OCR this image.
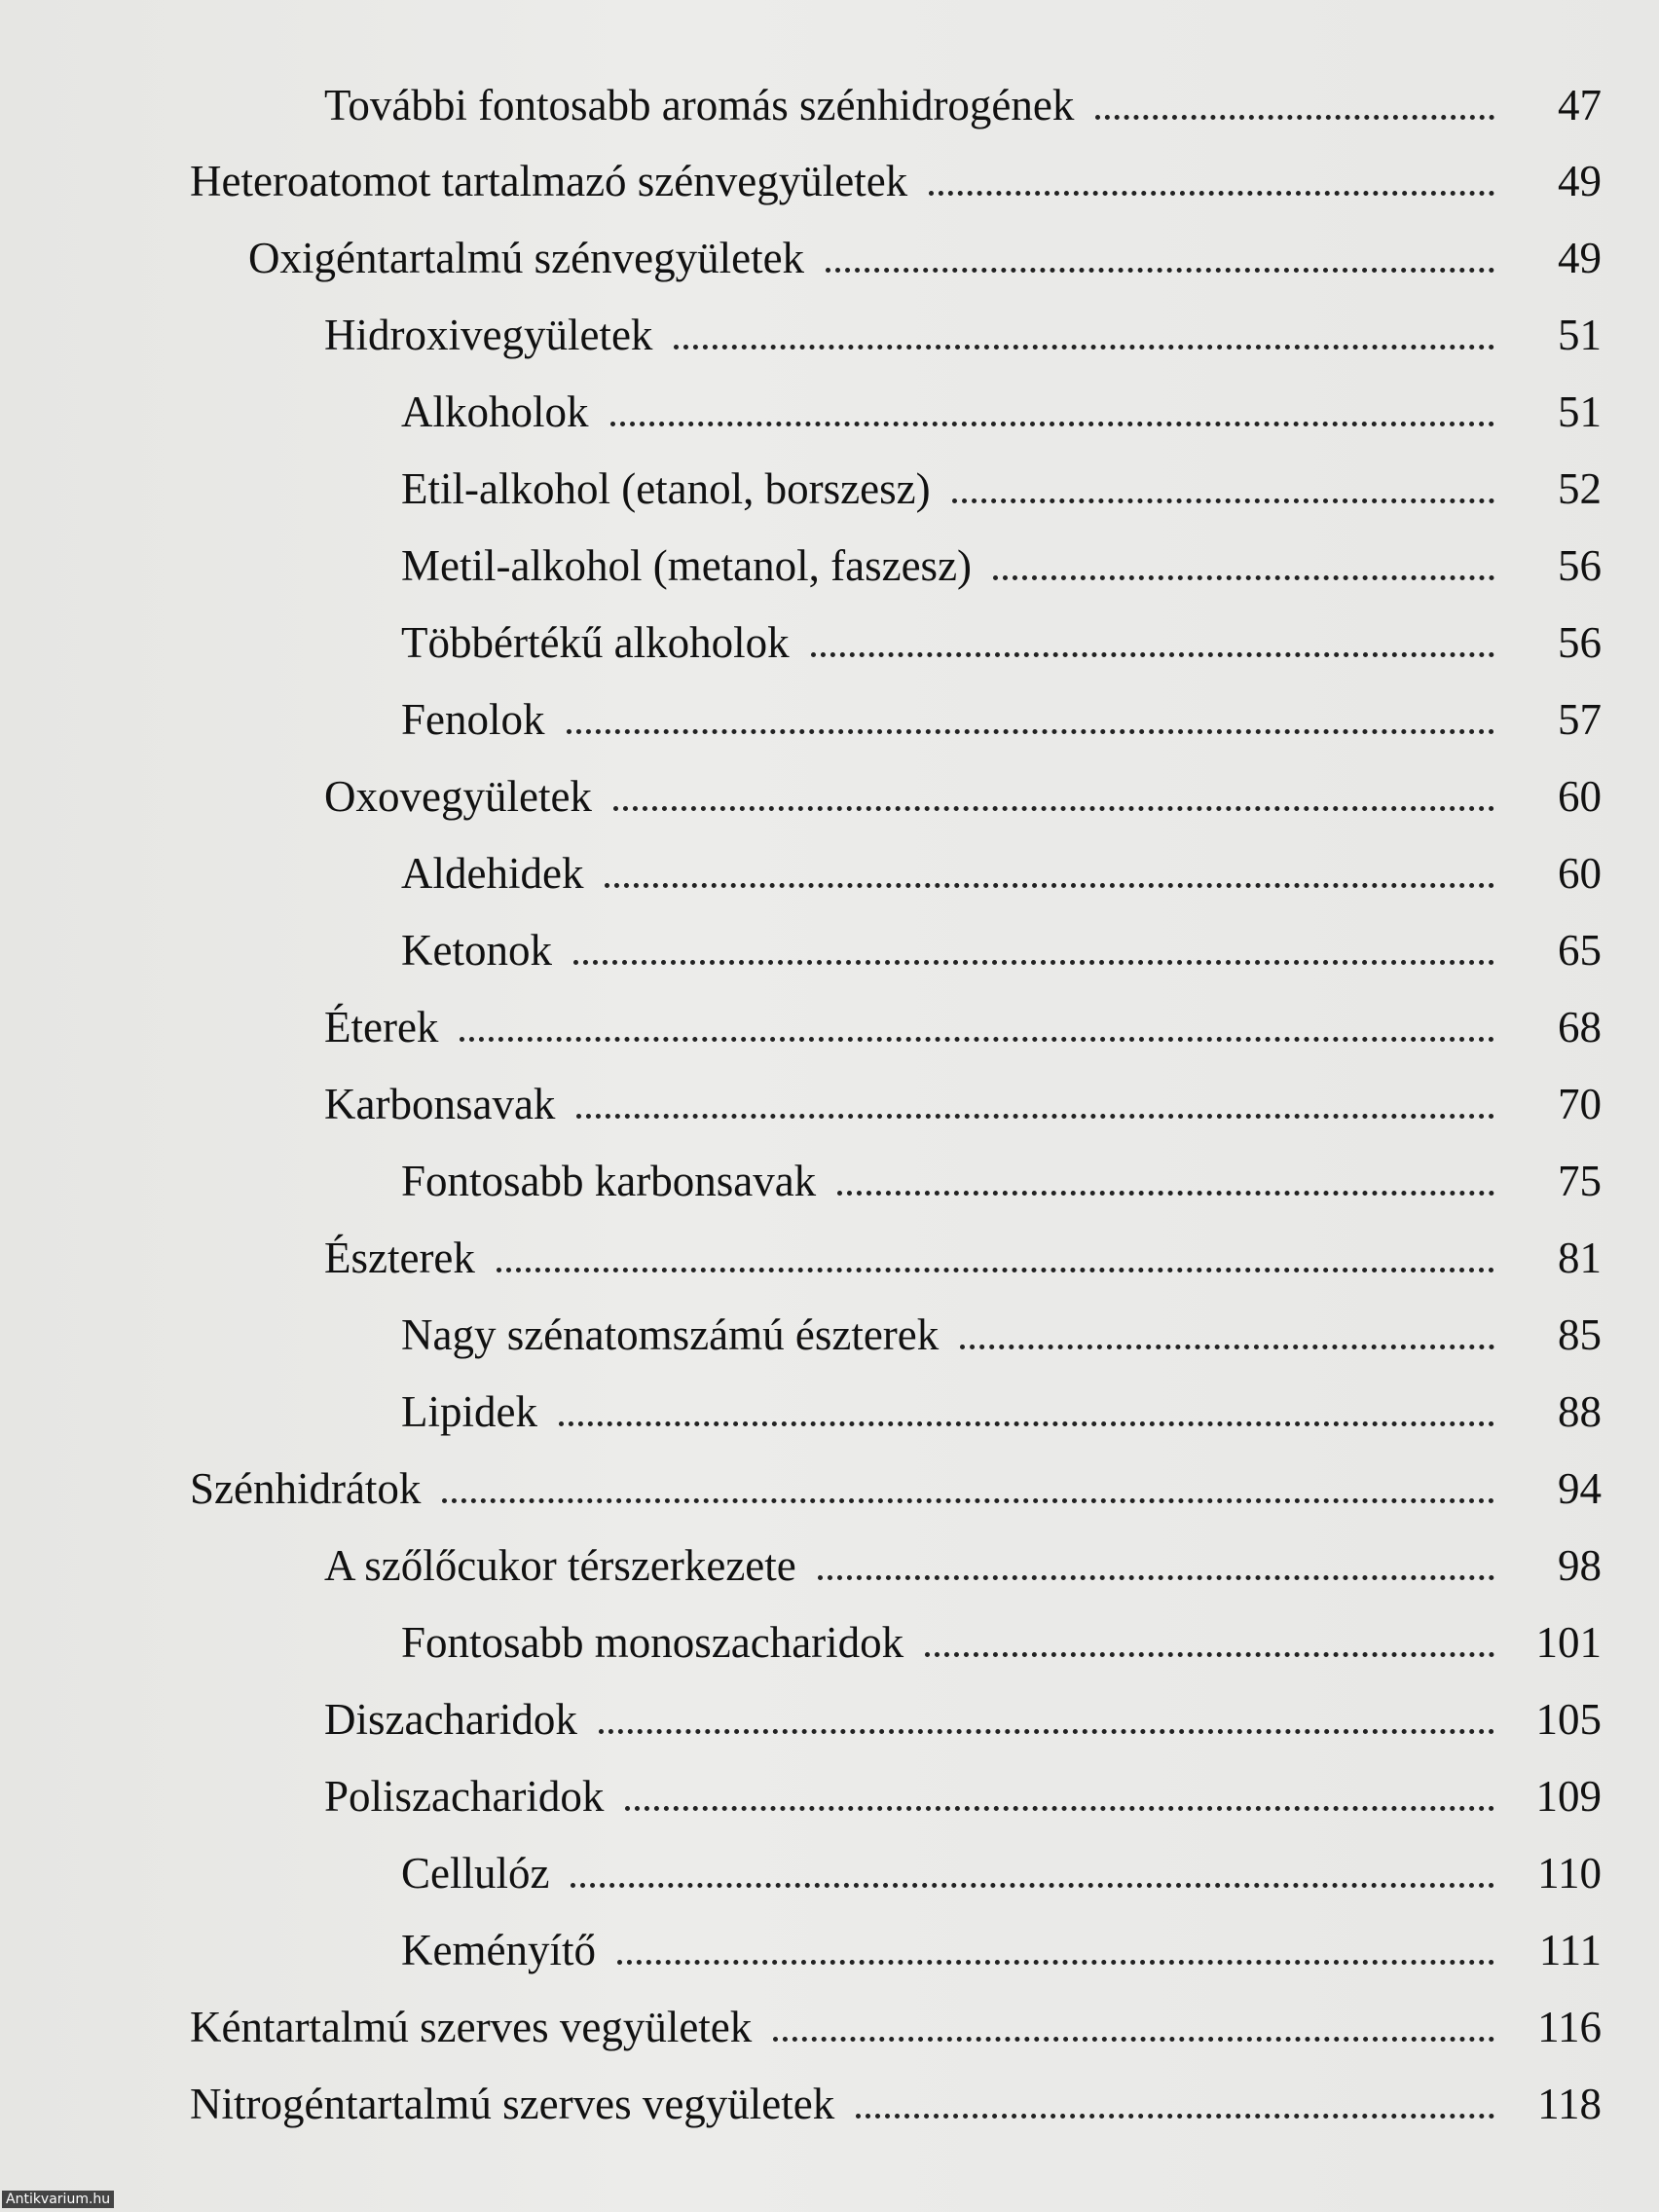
További fontosabb aromás szénhidrogének	47
Heteroatomot tartalmazó szénvegyületek	49
Oxigéntartalmú szénvegyületek	49
Hidroxivegyületek	51
Alkoholok	51
Etil-alkohol (etanol, borszesz)	52
Metil-alkohol (metanol, faszesz)	56
Többértékű alkoholok	56
Fenolok	57
Oxovegyületek	60
Aldehidek	60
Ketonok	65
Éterek	68
Karbonsavak	70
Fontosabb karbonsavak	75
Észterek	81
Nagy szénatomszámú észterek	85
Lipidek	88
Szénhidrátok	94
A szőlőcukor térszerkezete	98
Fontosabb monoszacharidok	101
Diszacharidok	105
Poliszacharidok	109
Cellulóz	110
Keményítő	111
Kéntartalmú szerves vegyületek	116
Nitrogéntartalmú szerves vegyületek	118
Antikvarium.hu
